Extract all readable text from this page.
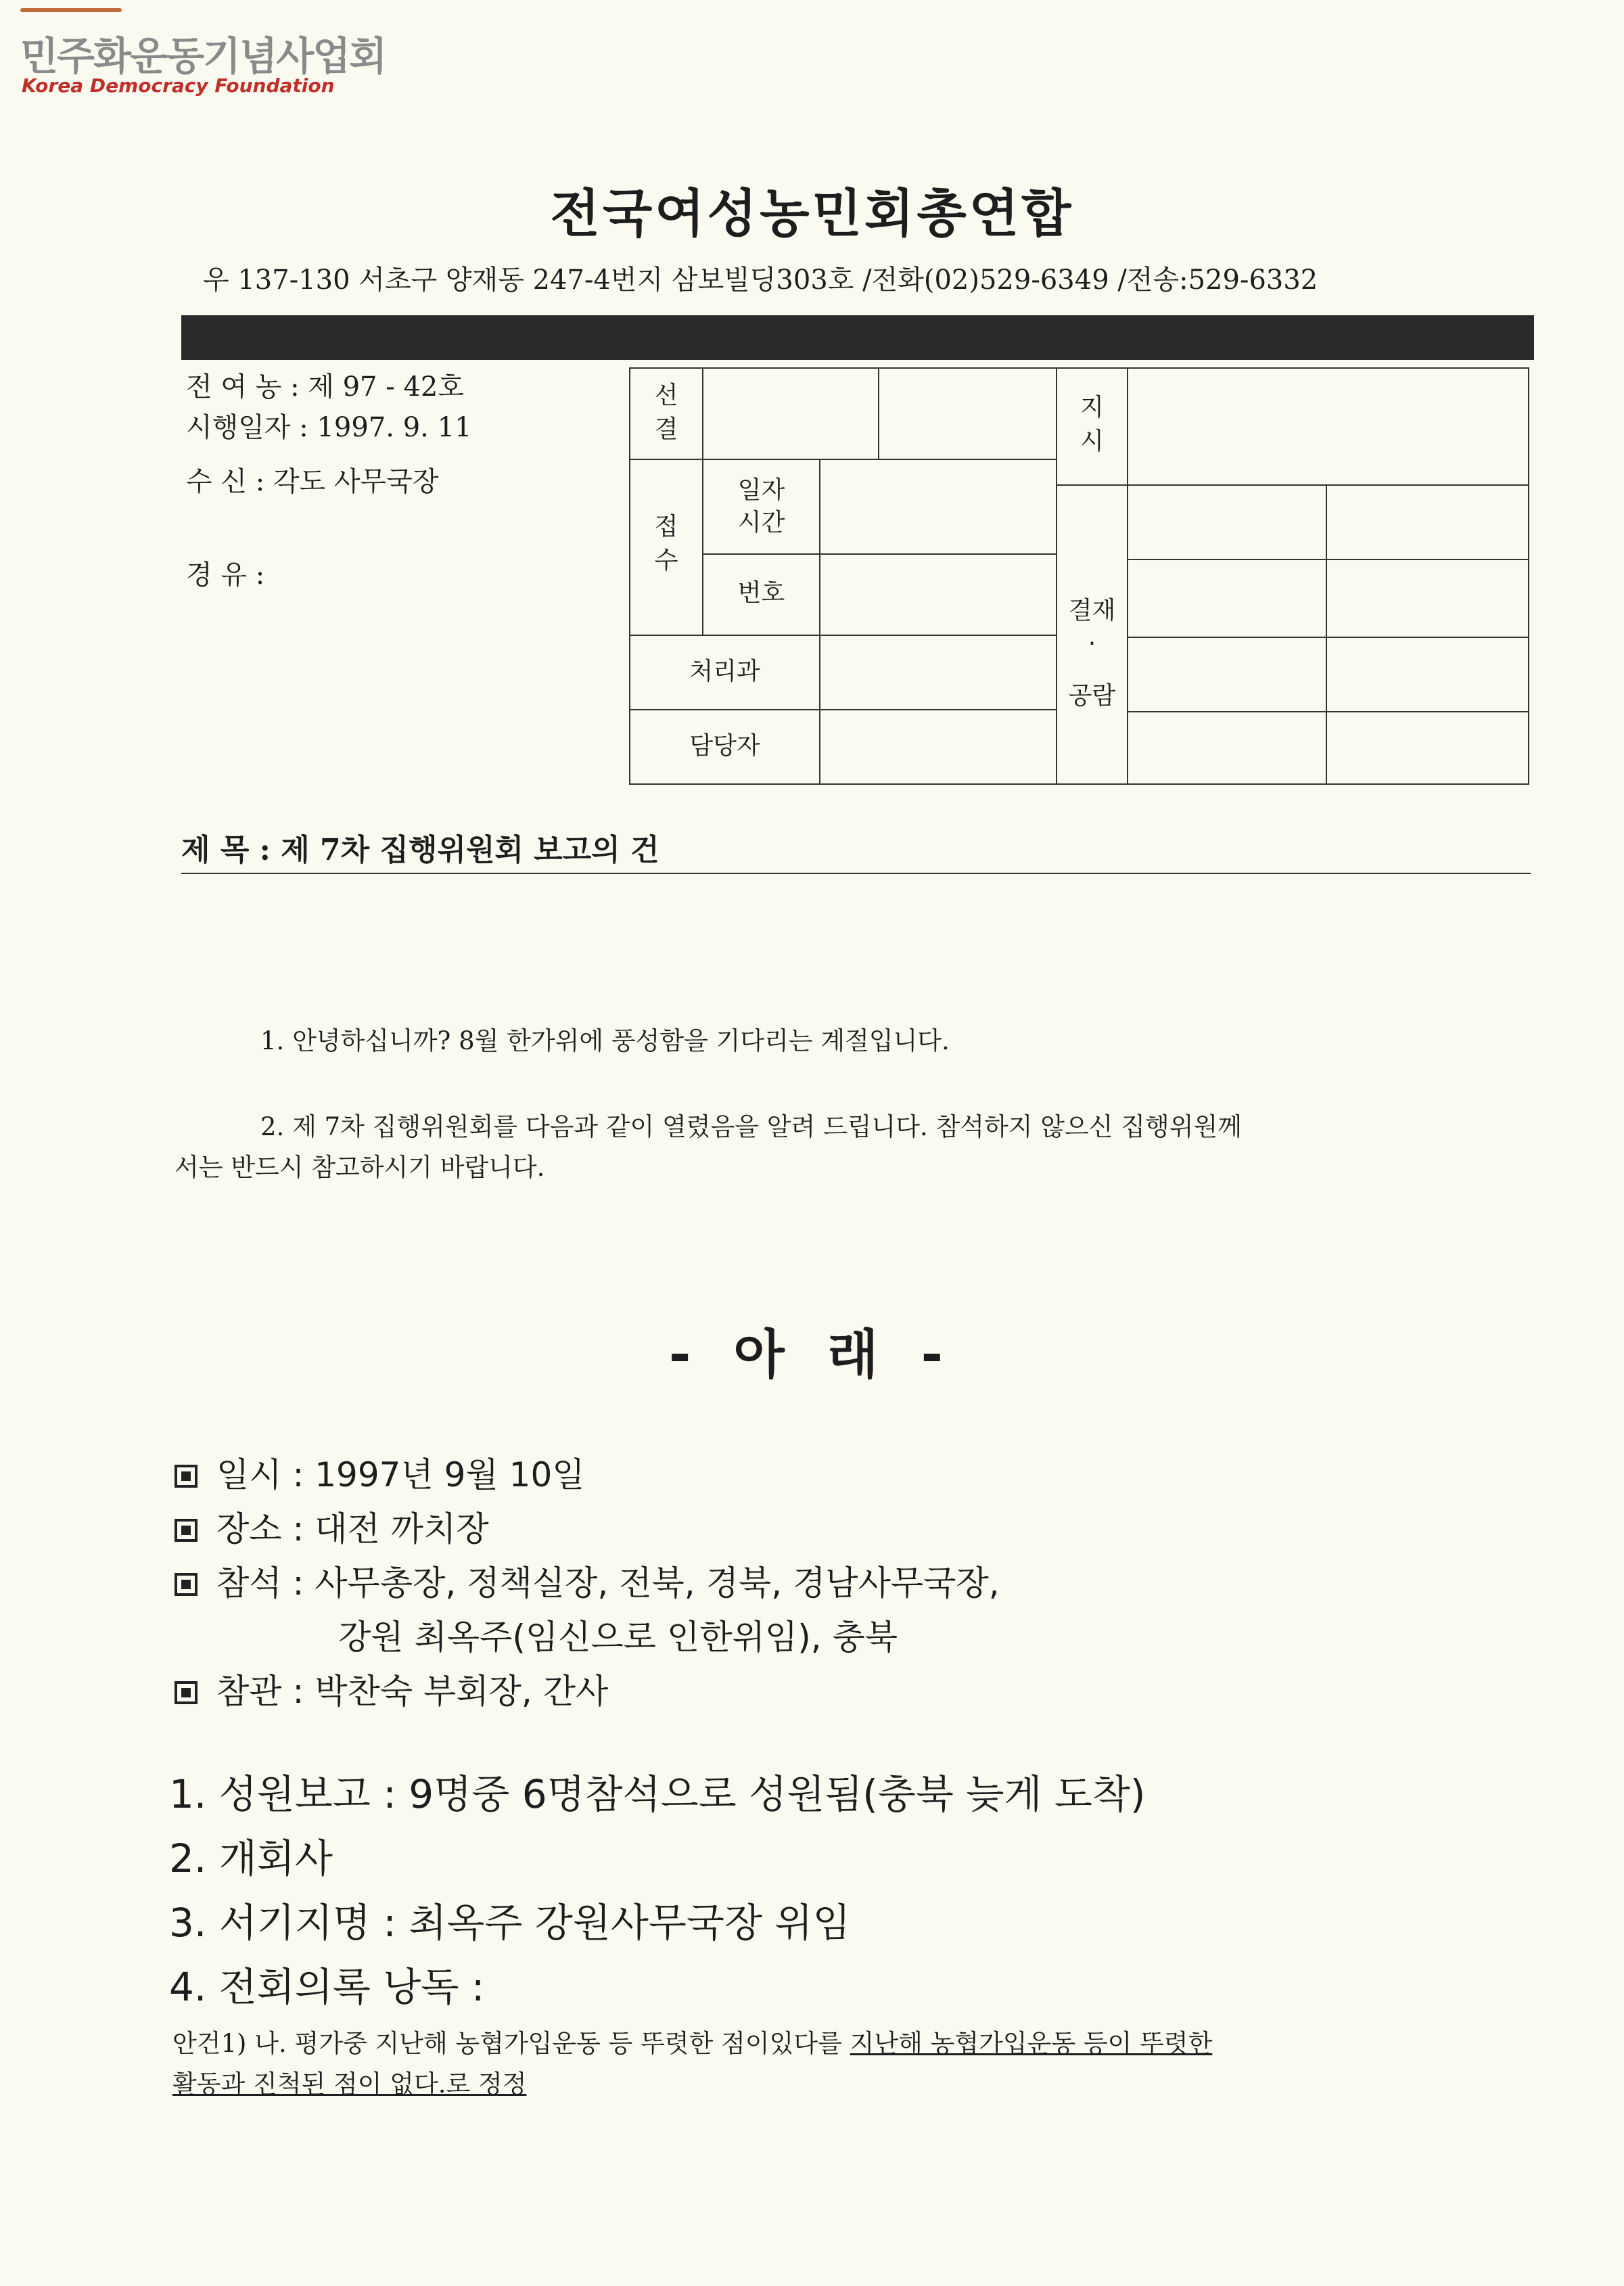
민주화운동기념사업회
Korea Democracy Foundation
전국여성농민회총연합
우 137-130 서초구 양재동 247-4번지 삼보빌딩303호 /전화(02)529-6349 /전송:529-6332
전 여 농 : 제 97 - 42호
시행일자 : 1997. 9. 11
수 신 : 각도 사무국장
경 유 :
선
결
접
수
일자
시간
번호
처리과
담당자
지
시
결재
·
공람
제 목 : 제 7차 집행위원회 보고의 건
1. 안녕하십니까? 8월 한가위에 풍성함을 기다리는 계절입니다.
2. 제 7차 집행위원회를 다음과 같이 열렸음을 알려 드립니다. 참석하지 않으신 집행위원께
서는 반드시 참고하시기 바랍니다.
- 아 래 -
일시 : 1997년 9월 10일
장소 : 대전 까치장
참석 : 사무총장, 정책실장, 전북, 경북, 경남사무국장,
강원 최옥주(임신으로 인한위임), 충북
참관 : 박찬숙 부회장, 간사
1. 성원보고 : 9명중 6명참석으로 성원됨(충북 늦게 도착)
2. 개회사
3. 서기지명 : 최옥주 강원사무국장 위임
4. 전회의록 낭독 :
안건1) 나. 평가중 지난해 농협가입운동 등 뚜렷한 점이있다를 지난해 농협가입운동 등이 뚜렷한
활동과 진척된 점이 없다.로 정정
